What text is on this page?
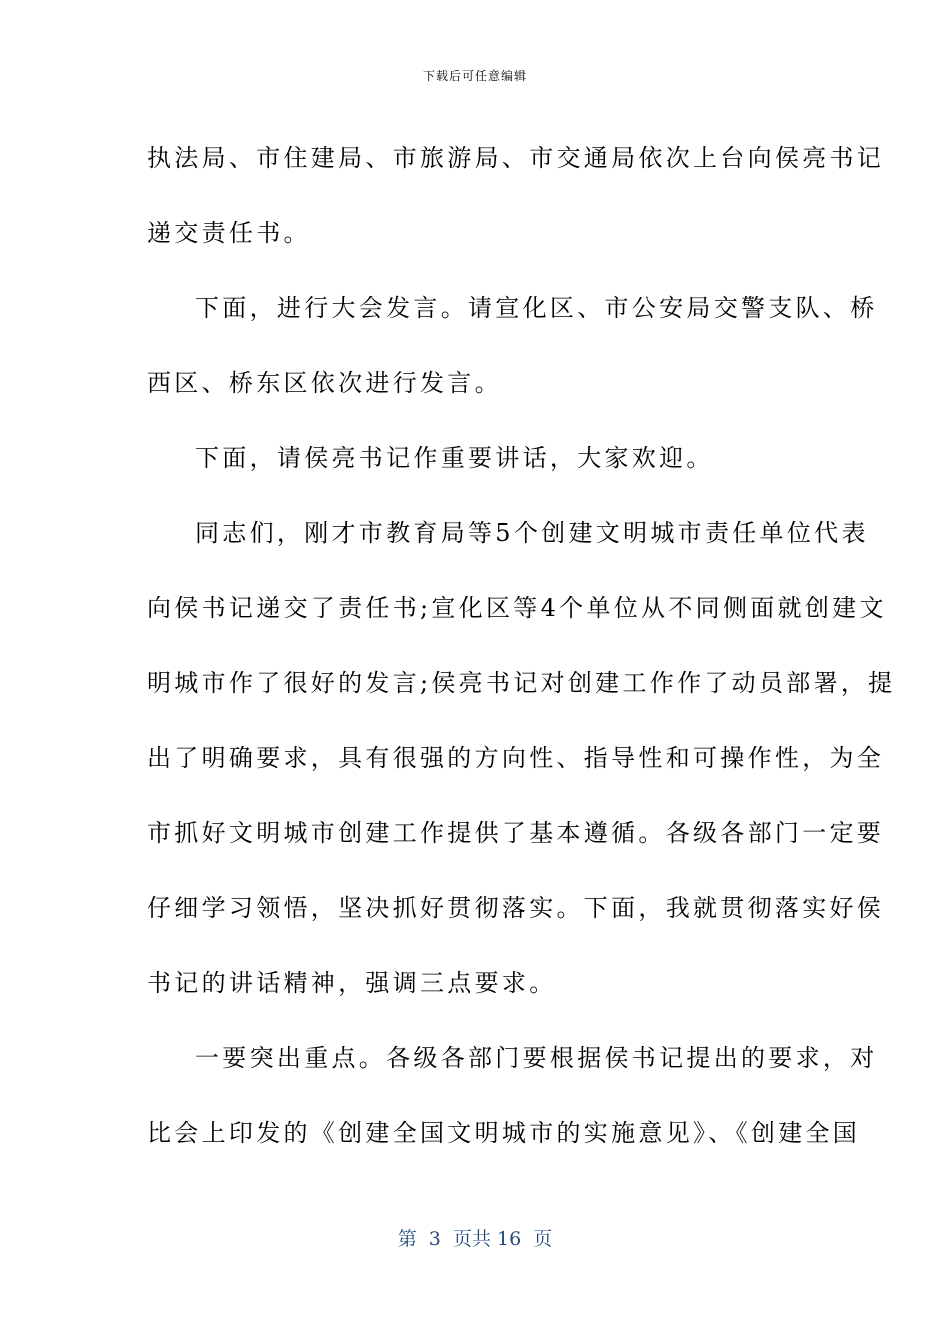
下载后可任意编辑
执法局、市住建局、市旅游局、市交通局依次上台向侯亮书记
递交责任书。
下面，进行大会发言。请宣化区、市公安局交警支队、桥
西区、桥东区依次进行发言。
下面，请侯亮书记作重要讲话，大家欢迎。
同志们，刚才市教育局等5个创建文明城市责任单位代表
向侯书记递交了责任书;宣化区等4个单位从不同侧面就创建文
明城市作了很好的发言;侯亮书记对创建工作作了动员部署，提
出了明确要求，具有很强的方向性、指导性和可操作性，为全
市抓好文明城市创建工作提供了基本遵循。各级各部门一定要
仔细学习领悟，坚决抓好贯彻落实。下面，我就贯彻落实好侯
书记的讲话精神，强调三点要求。
一要突出重点。各级各部门要根据侯书记提出的要求，对
比会上印发的《创建全国文明城市的实施意见》、《创建全国
第  3  页共 16  页
